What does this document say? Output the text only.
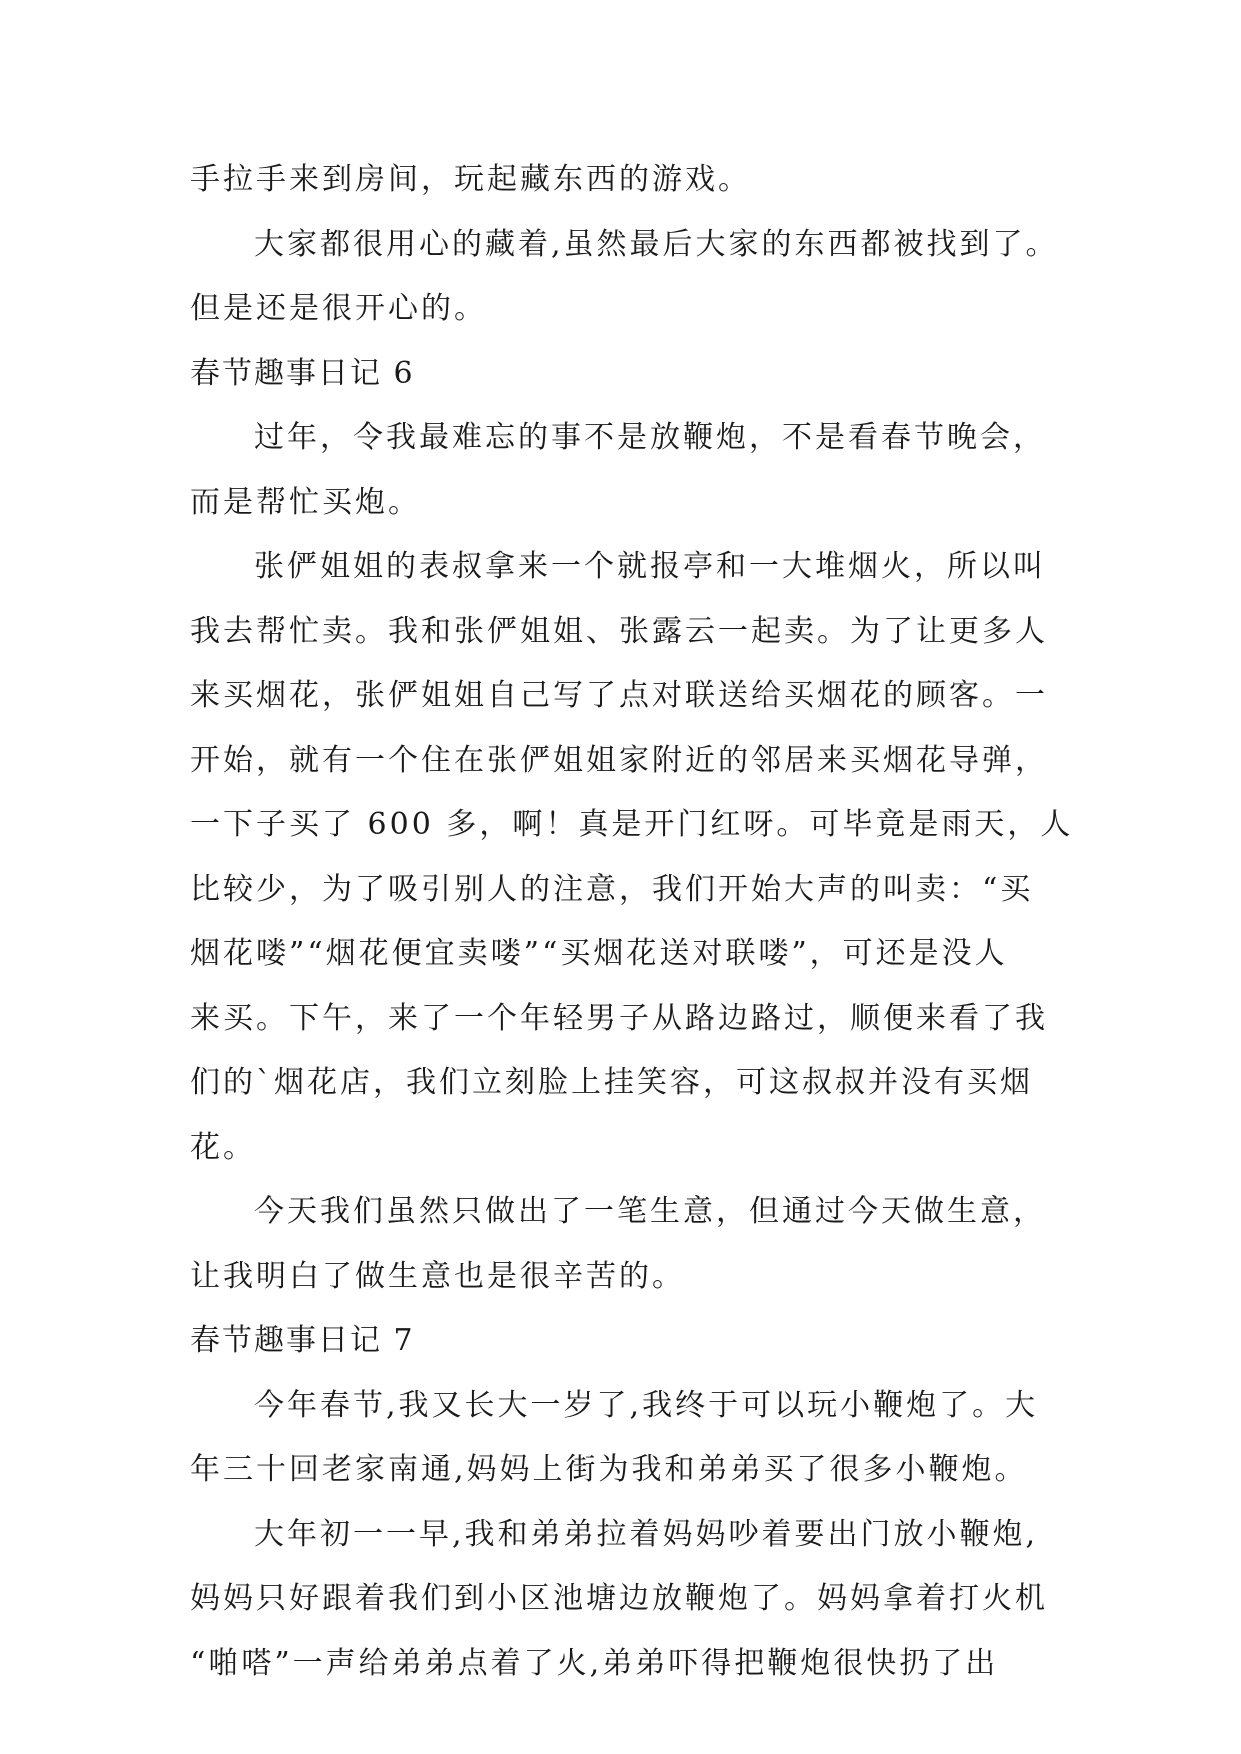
手拉手来到房间，玩起藏东西的游戏。
大家都很用心的藏着,虽然最后大家的东西都被找到了。
但是还是很开心的。
春节趣事日记 6
过年，令我最难忘的事不是放鞭炮，不是看春节晚会，
而是帮忙买炮。
张俨姐姐的表叔拿来一个就报亭和一大堆烟火，所以叫
我去帮忙卖。我和张俨姐姐、张露云一起卖。为了让更多人
来买烟花，张俨姐姐自己写了点对联送给买烟花的顾客。一
开始，就有一个住在张俨姐姐家附近的邻居来买烟花导弹，
一下子买了 600 多，啊！真是开门红呀。可毕竟是雨天，人
比较少，为了吸引别人的注意，我们开始大声的叫卖：“买
烟花喽”“烟花便宜卖喽”“买烟花送对联喽”，可还是没人
来买。下午，来了一个年轻男子从路边路过，顺便来看了我
们的`烟花店，我们立刻脸上挂笑容，可这叔叔并没有买烟
花。
今天我们虽然只做出了一笔生意，但通过今天做生意，
让我明白了做生意也是很辛苦的。
春节趣事日记 7
今年春节,我又长大一岁了,我终于可以玩小鞭炮了。大
年三十回老家南通,妈妈上街为我和弟弟买了很多小鞭炮。
大年初一一早,我和弟弟拉着妈妈吵着要出门放小鞭炮,
妈妈只好跟着我们到小区池塘边放鞭炮了。妈妈拿着打火机
“啪嗒”一声给弟弟点着了火,弟弟吓得把鞭炮很快扔了出
